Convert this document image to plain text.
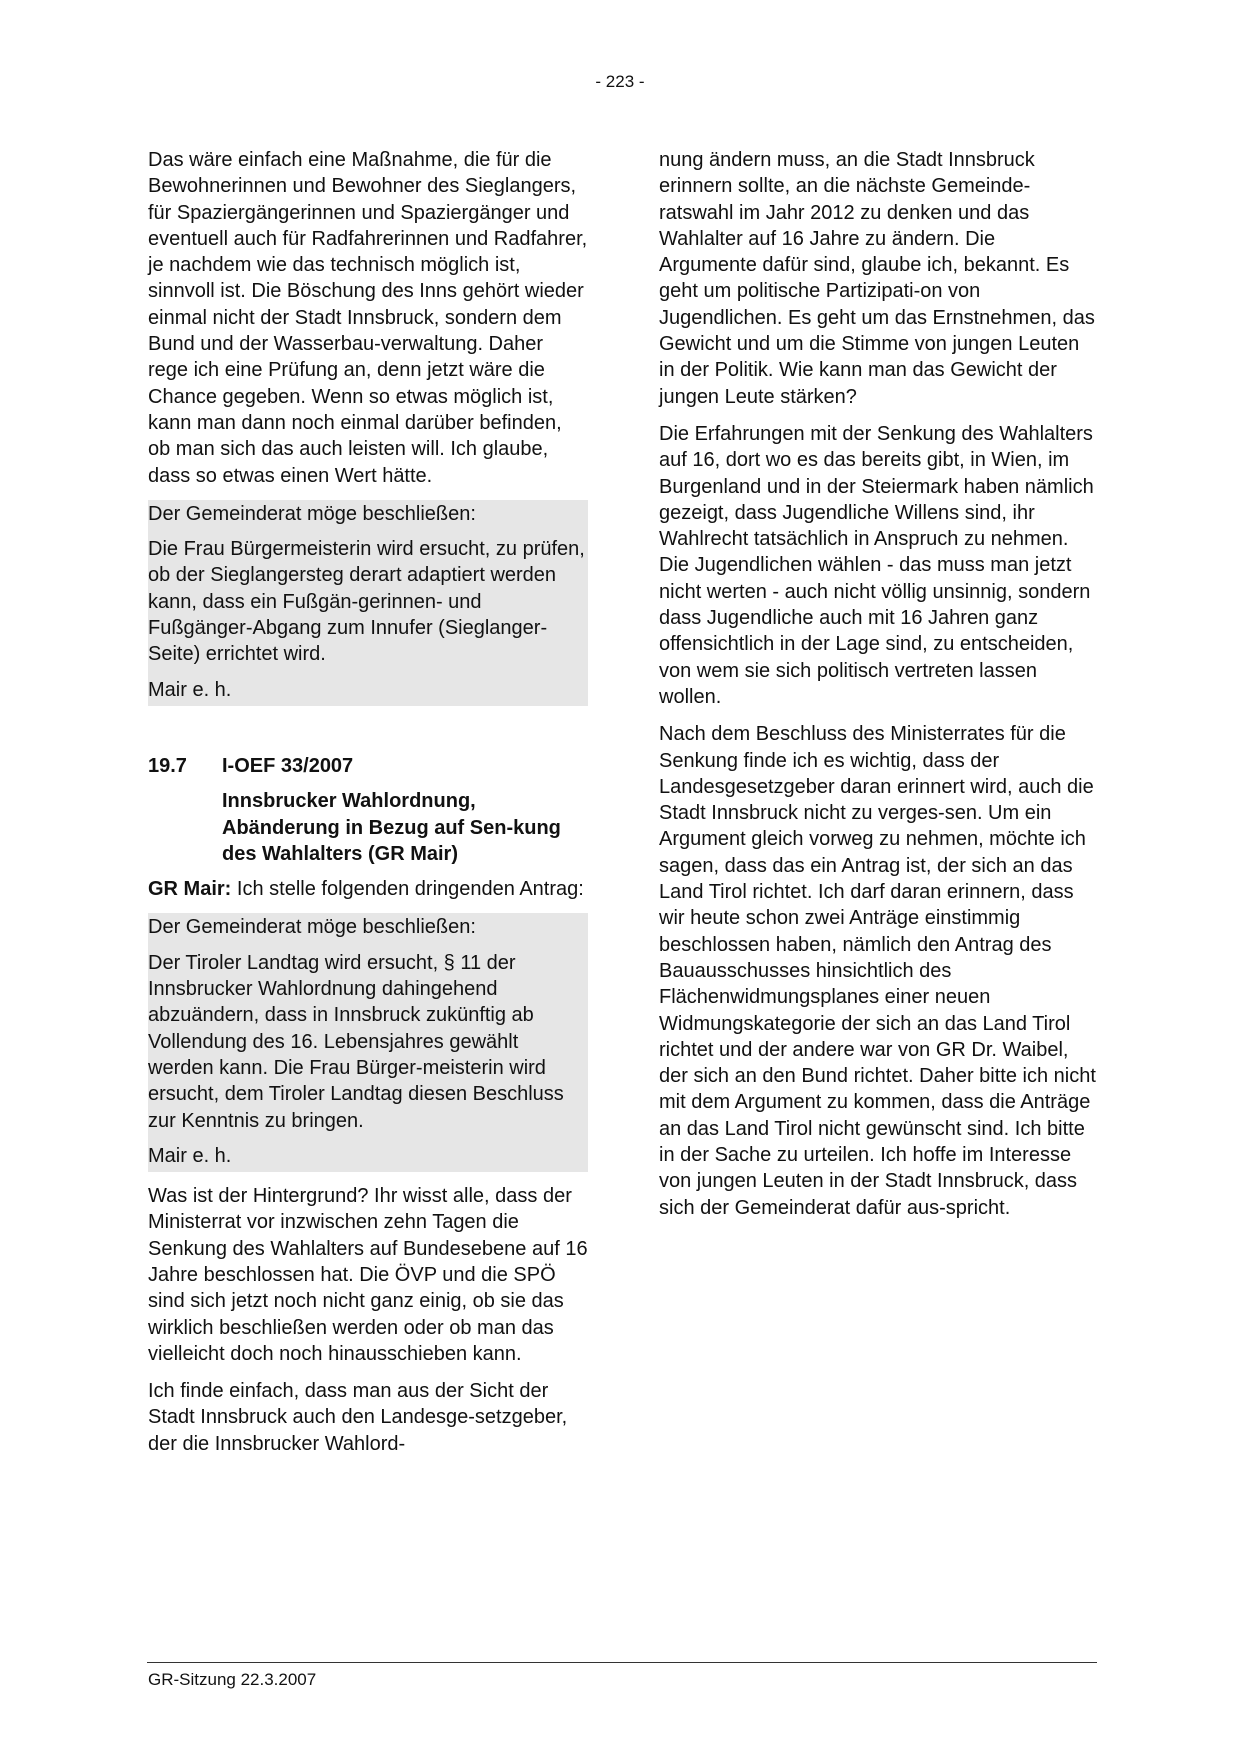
- 223 -

Das wäre einfach eine Maßnahme, die für die Bewohnerinnen und Bewohner des Sieglangers, für Spaziergängerinnen und Spaziergänger und eventuell auch für Radfahrerinnen und Radfahrer, je nachdem wie das technisch möglich ist, sinnvoll ist. Die Böschung des Inns gehört wieder einmal nicht der Stadt Innsbruck, sondern dem Bund und der Wasserbau-verwaltung. Daher rege ich eine Prüfung an, denn jetzt wäre die Chance gegeben. Wenn so etwas möglich ist, kann man dann noch einmal darüber befinden, ob man sich das auch leisten will. Ich glaube, dass so etwas einen Wert hätte.

Der Gemeinderat möge beschließen:

Die Frau Bürgermeisterin wird ersucht, zu prüfen, ob der Sieglangersteg derart adaptiert werden kann, dass ein Fußgän-gerinnen- und Fußgänger-Abgang zum Innufer (Sieglanger-Seite) errichtet wird.

Mair e. h.

19.7	I-OEF 33/2007
Innsbrucker Wahlordnung, Abänderung in Bezug auf Sen-kung des Wahlalters (GR Mair)

GR Mair: Ich stelle folgenden dringenden Antrag:

Der Gemeinderat möge beschließen:

Der Tiroler Landtag wird ersucht, § 11 der Innsbrucker Wahlordnung dahingehend abzuändern, dass in Innsbruck zukünftig ab Vollendung des 16. Lebensjahres gewählt werden kann. Die Frau Bürger-meisterin wird ersucht, dem Tiroler Landtag diesen Beschluss zur Kenntnis zu bringen.

Mair e. h.

Was ist der Hintergrund? Ihr wisst alle, dass der Ministerrat vor inzwischen zehn Tagen die Senkung des Wahlalters auf Bundesebene auf 16 Jahre beschlossen hat. Die ÖVP und die SPÖ sind sich jetzt noch nicht ganz einig, ob sie das wirklich beschließen werden oder ob man das vielleicht doch noch hinausschieben kann.

Ich finde einfach, dass man aus der Sicht der Stadt Innsbruck auch den Landesge-setzgeber, der die Innsbrucker Wahlord-

nung ändern muss, an die Stadt Innsbruck erinnern sollte, an die nächste Gemeinde-ratswahl im Jahr 2012 zu denken und das Wahlalter auf 16 Jahre zu ändern. Die Argumente dafür sind, glaube ich, bekannt. Es geht um politische Partizipati-on von Jugendlichen. Es geht um das Ernstnehmen, das Gewicht und um die Stimme von jungen Leuten in der Politik. Wie kann man das Gewicht der jungen Leute stärken?

Die Erfahrungen mit der Senkung des Wahlalters auf 16, dort wo es das bereits gibt, in Wien, im Burgenland und in der Steiermark haben nämlich gezeigt, dass Jugendliche Willens sind, ihr Wahlrecht tatsächlich in Anspruch zu nehmen. Die Jugendlichen wählen - das muss man jetzt nicht werten - auch nicht völlig unsinnig, sondern dass Jugendliche auch mit 16 Jahren ganz offensichtlich in der Lage sind, zu entscheiden, von wem sie sich politisch vertreten lassen wollen.

Nach dem Beschluss des Ministerrates für die Senkung finde ich es wichtig, dass der Landesgesetzgeber daran erinnert wird, auch die Stadt Innsbruck nicht zu verges-sen. Um ein Argument gleich vorweg zu nehmen, möchte ich sagen, dass das ein Antrag ist, der sich an das Land Tirol richtet. Ich darf daran erinnern, dass wir heute schon zwei Anträge einstimmig beschlossen haben, nämlich den Antrag des Bauausschusses hinsichtlich des Flächenwidmungsplanes einer neuen Widmungskategorie der sich an das Land Tirol richtet und der andere war von GR Dr. Waibel, der sich an den Bund richtet. Daher bitte ich nicht mit dem Argument zu kommen, dass die Anträge an das Land Tirol nicht gewünscht sind. Ich bitte in der Sache zu urteilen. Ich hoffe im Interesse von jungen Leuten in der Stadt Innsbruck, dass sich der Gemeinderat dafür aus-spricht.

GR-Sitzung 22.3.2007
